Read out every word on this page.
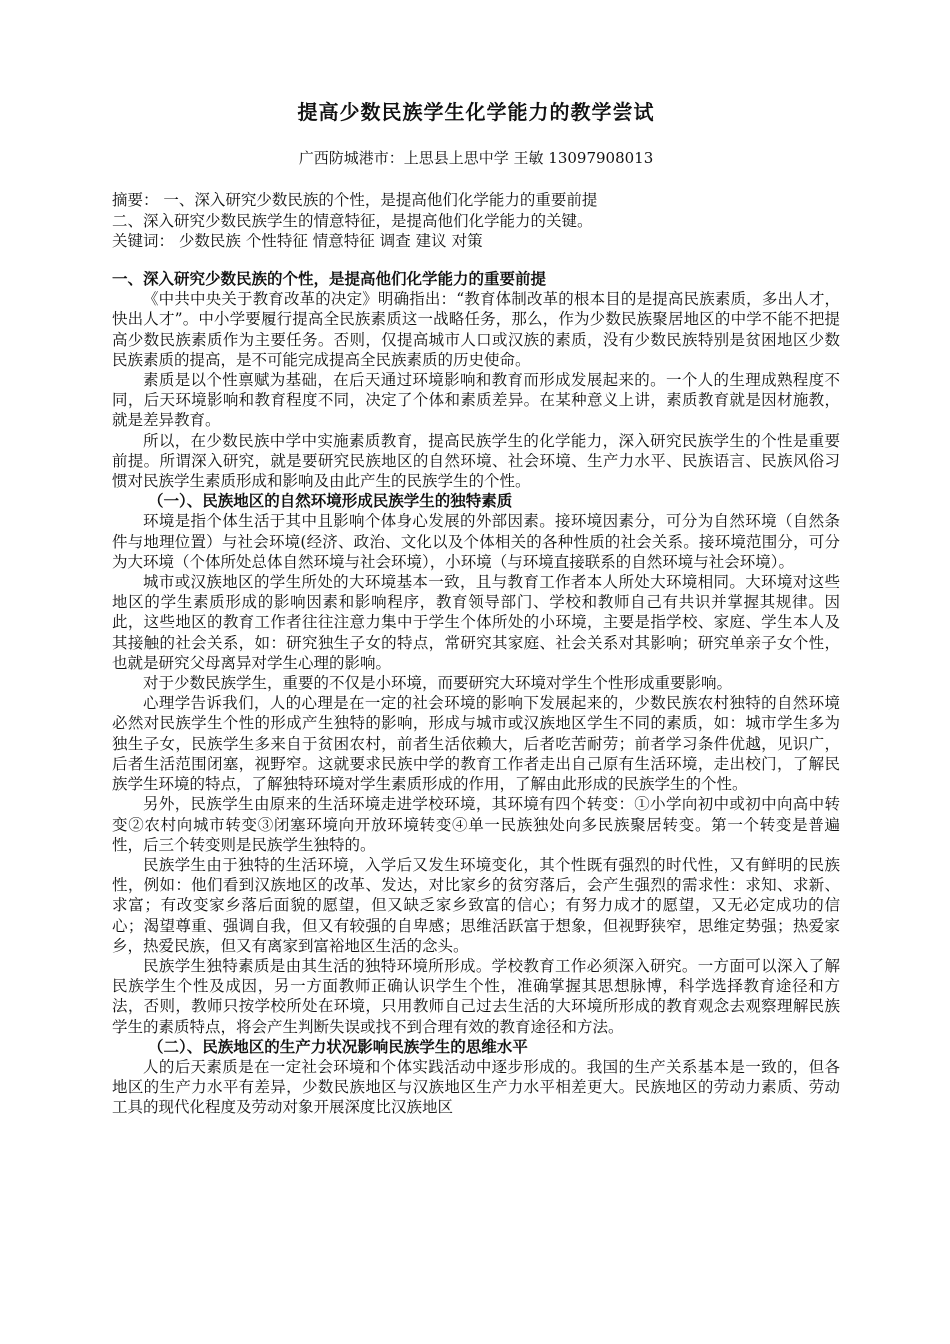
提高少数民族学生化学能力的教学尝试
广西防城港市：上思县上思中学 王敏 13097908013
摘要： 一、深入研究少数民族的个性，是提高他们化学能力的重要前提
二、深入研究少数民族学生的情意特征，是提高他们化学能力的关键。
关键词： 少数民族 个性特征 情意特征 调查 建议 对策
一、深入研究少数民族的个性，是提高他们化学能力的重要前提

《中共中央关于教育改革的决定》明确指出：“教育体制改革的根本目的是提高民族素质，多出人才，快出人才”。中小学要履行提高全民族素质这一战略任务，那么，作为少数民族聚居地区的中学不能不把提高少数民族素质作为主要任务。否则，仅提高城市人口或汉族的素质，没有少数民族特别是贫困地区少数民族素质的提高，是不可能完成提高全民族素质的历史使命。

素质是以个性禀赋为基础，在后天通过环境影响和教育而形成发展起来的。一个人的生理成熟程度不同，后天环境影响和教育程度不同，决定了个体和素质差异。在某种意义上讲，素质教育就是因材施教，就是差异教育。

所以，在少数民族中学中实施素质教育，提高民族学生的化学能力，深入研究民族学生的个性是重要前提。所谓深入研究，就是要研究民族地区的自然环境、社会环境、生产力水平、民族语言、民族风俗习惯对民族学生素质形成和影响及由此产生的民族学生的个性。

（一）、民族地区的自然环境形成民族学生的独特素质

环境是指个体生活于其中且影响个体身心发展的外部因素。接环境因素分，可分为自然环境（自然条件与地理位置）与社会环境(经济、政治、文化以及个体相关的各种性质的社会关系。接环境范围分，可分为大环境（个体所处总体自然环境与社会环境），小环境（与环境直接联系的自然环境与社会环境）。

城市或汉族地区的学生所处的大环境基本一致，且与教育工作者本人所处大环境相同。大环境对这些地区的学生素质形成的影响因素和影响程序，教育领导部门、学校和教师自己有共识并掌握其规律。因此，这些地区的教育工作者往往注意力集中于学生个体所处的小环境，主要是指学校、家庭、学生本人及其接触的社会关系，如：研究独生子女的特点，常研究其家庭、社会关系对其影响；研究单亲子女个性，也就是研究父母离异对学生心理的影响。

对于少数民族学生，重要的不仅是小环境，而要研究大环境对学生个性形成重要影响。

心理学告诉我们，人的心理是在一定的社会环境的影响下发展起来的，少数民族农村独特的自然环境必然对民族学生个性的形成产生独特的影响，形成与城市或汉族地区学生不同的素质，如：城市学生多为独生子女，民族学生多来自于贫困农村，前者生活依赖大，后者吃苦耐劳；前者学习条件优越，见识广，后者生活范围闭塞，视野窄。这就要求民族中学的教育工作者走出自己原有生活环境，走出校门，了解民族学生环境的特点，了解独特环境对学生素质形成的作用，了解由此形成的民族学生的个性。

另外，民族学生由原来的生活环境走进学校环境，其环境有四个转变：①小学向初中或初中向高中转变②农村向城市转变③闭塞环境向开放环境转变④单一民族独处向多民族聚居转变。第一个转变是普遍性，后三个转变则是民族学生独特的。

民族学生由于独特的生活环境，入学后又发生环境变化，其个性既有强烈的时代性，又有鲜明的民族性，例如：他们看到汉族地区的改革、发达，对比家乡的贫穷落后，会产生强烈的需求性：求知、求新、求富；有改变家乡落后面貌的愿望，但又缺乏家乡致富的信心；有努力成才的愿望，又无必定成功的信心；渴望尊重、强调自我，但又有较强的自卑感；思维活跃富于想象，但视野狭窄，思维定势强；热爱家乡，热爱民族，但又有离家到富裕地区生活的念头。

民族学生独特素质是由其生活的独特环境所形成。学校教育工作必须深入研究。一方面可以深入了解民族学生个性及成因，另一方面教师正确认识学生个性，准确掌握其思想脉博，科学选择教育途径和方法，否则，教师只按学校所处在环境，只用教师自己过去生活的大环境所形成的教育观念去观察理解民族学生的素质特点，将会产生判断失误或找不到合理有效的教育途径和方法。

（二）、民族地区的生产力状况影响民族学生的思维水平

人的后天素质是在一定社会环境和个体实践活动中逐步形成的。我国的生产关系基本是一致的，但各地区的生产力水平有差异，少数民族地区与汉族地区生产力水平相差更大。民族地区的劳动力素质、劳动工具的现代化程度及劳动对象开展深度比汉族地区
